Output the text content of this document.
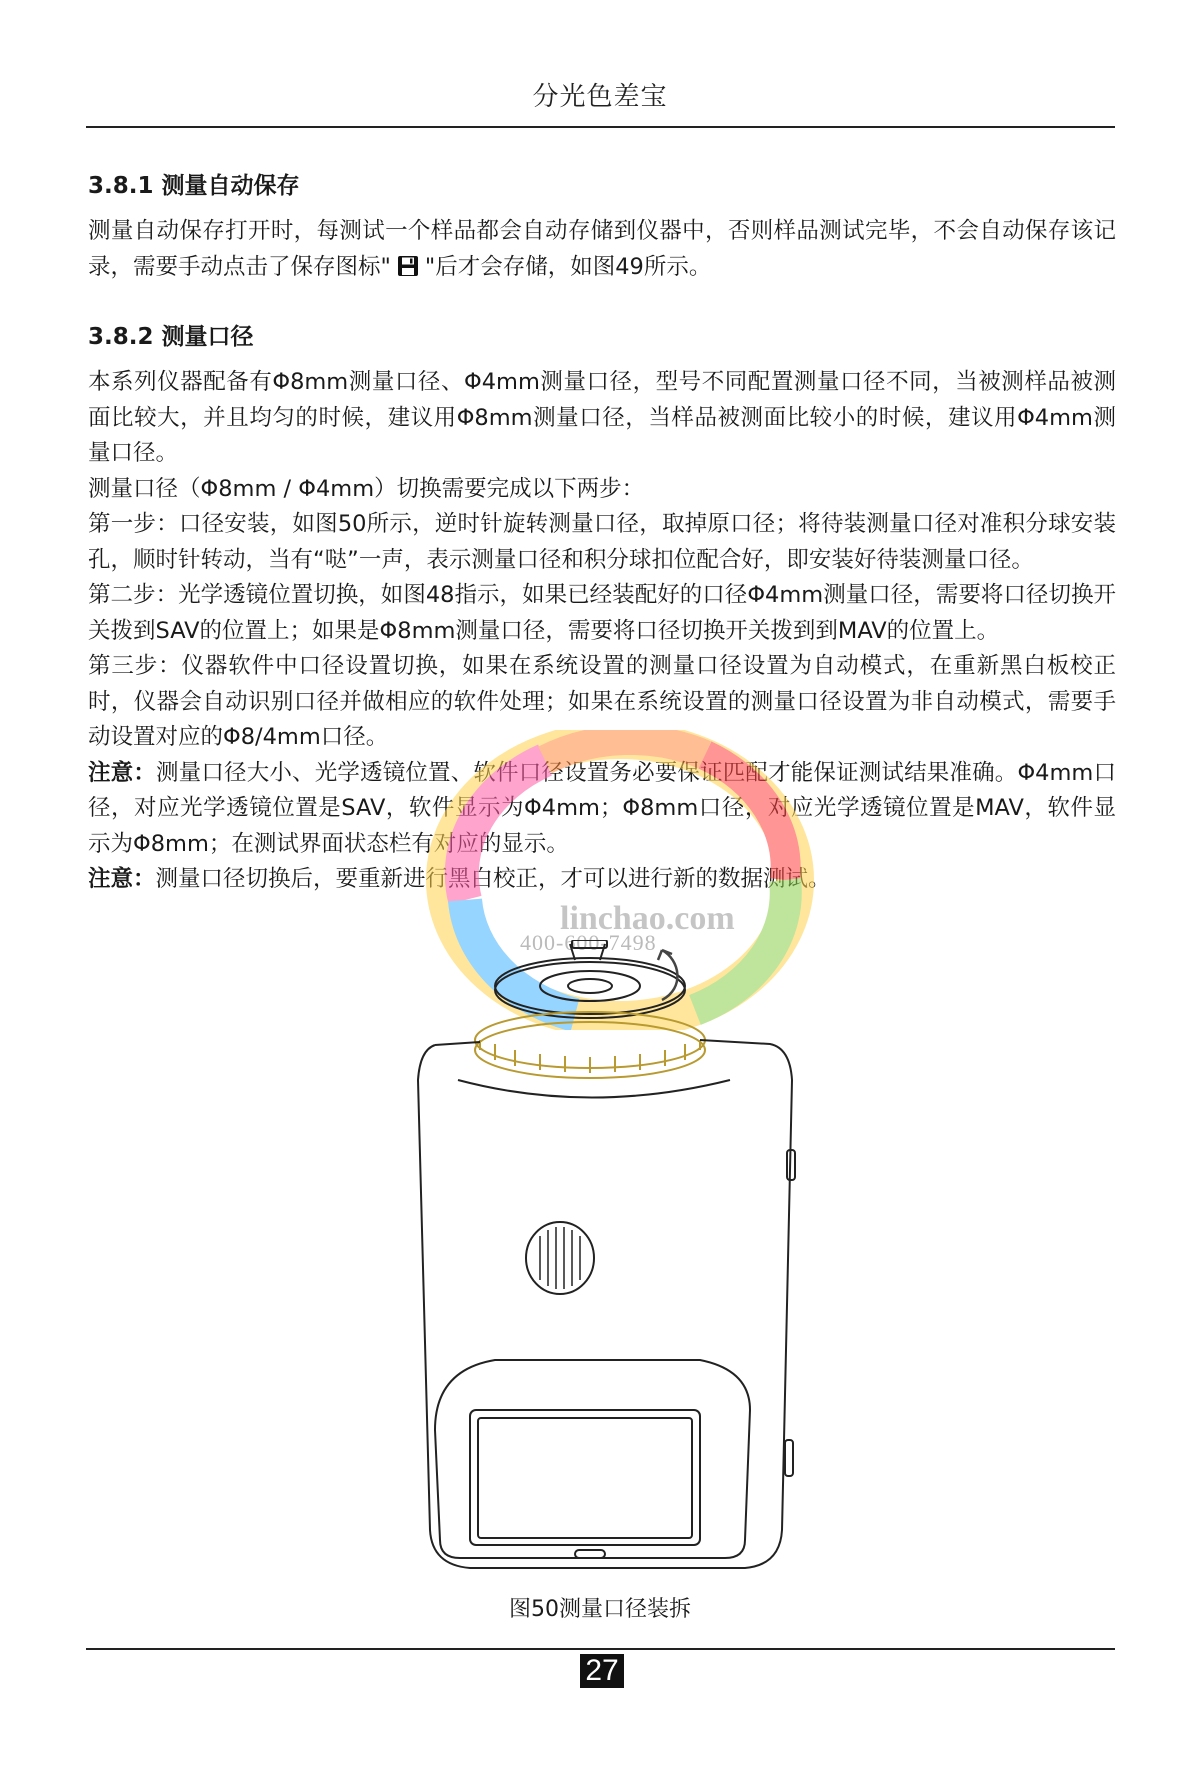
分光色差宝
3.8.1 测量自动保存

测量自动保存打开时，每测试一个样品都会自动存储到仪器中，否则样品测试完毕，不会自动保存该记录，需要手动点击了保存图标" "后才会存储，如图49所示。

3.8.2 测量口径

本系列仪器配备有Φ8mm测量口径、Φ4mm测量口径，型号不同配置测量口径不同，当被测样品被测面比较大，并且均匀的时候，建议用Φ8mm测量口径，当样品被测面比较小的时候，建议用Φ4mm测量口径。

测量口径（Φ8mm / Φ4mm）切换需要完成以下两步：

第一步：口径安装，如图50所示，逆时针旋转测量口径，取掉原口径；将待装测量口径对准积分球安装孔，顺时针转动，当有“哒”一声，表示测量口径和积分球扣位配合好，即安装好待装测量口径。

第二步：光学透镜位置切换，如图48指示，如果已经装配好的口径Φ4mm测量口径，需要将口径切换开关拨到SAV的位置上；如果是Φ8mm测量口径，需要将口径切换开关拨到到MAV的位置上。

第三步：仪器软件中口径设置切换，如果在系统设置的测量口径设置为自动模式，在重新黑白板校正时，仪器会自动识别口径并做相应的软件处理；如果在系统设置的测量口径设置为非自动模式，需要手动设置对应的Φ8/4mm口径。

注意：测量口径大小、光学透镜位置、软件口径设置务必要保证匹配才能保证测试结果准确。Φ4mm口径，对应光学透镜位置是SAV，软件显示为Φ4mm；Φ8mm口径，对应光学透镜位置是MAV，软件显示为Φ8mm；在测试界面状态栏有对应的显示。

注意：测量口径切换后，要重新进行黑白校正，才可以进行新的数据测试。

linchao.com
400-600-7498
图50测量口径装拆
27
